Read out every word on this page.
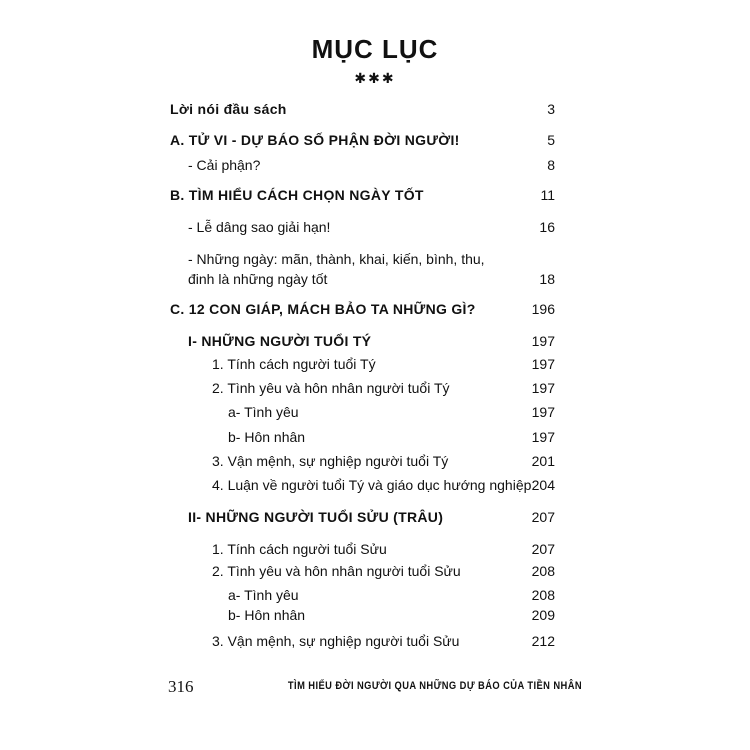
MỤC LỤC
✱✱✱
Lời nói đầu sách	3
A. TỬ VI - DỰ BÁO SỐ PHẬN ĐỜI NGƯỜI!	5
- Cải phận?	8
B. TÌM HIỂU CÁCH CHỌN NGÀY TỐT	11
- Lễ dâng sao giải hạn!	16
- Những ngày: mãn, thành, khai, kiến, bình, thu,
đinh là những ngày tốt	18
C. 12 CON GIÁP, MÁCH BẢO TA NHỮNG GÌ?	196
I- NHỮNG NGƯỜI TUỔI TÝ	197
1. Tính cách người tuổi Tý	197
2. Tình yêu và hôn nhân người tuổi Tý	197
a- Tình yêu	197
b- Hôn nhân	197
3. Vận mệnh, sự nghiệp người tuổi Tý	201
4. Luận về người tuổi Tý và giáo dục hướng nghiệp 204
II- NHỮNG NGƯỜI TUỔI SỬU (TRÂU)	207
1. Tính cách người tuổi Sửu	207
2. Tình yêu và hôn nhân người tuổi Sửu	208
a- Tình yêu	208
b- Hôn nhân	209
3. Vận mệnh, sự nghiệp người tuổi Sửu	212
316	TÌM HIỂU ĐỜI NGƯỜI QUA NHỮNG DỰ BÁO CỦA TIỀN NHÂN
